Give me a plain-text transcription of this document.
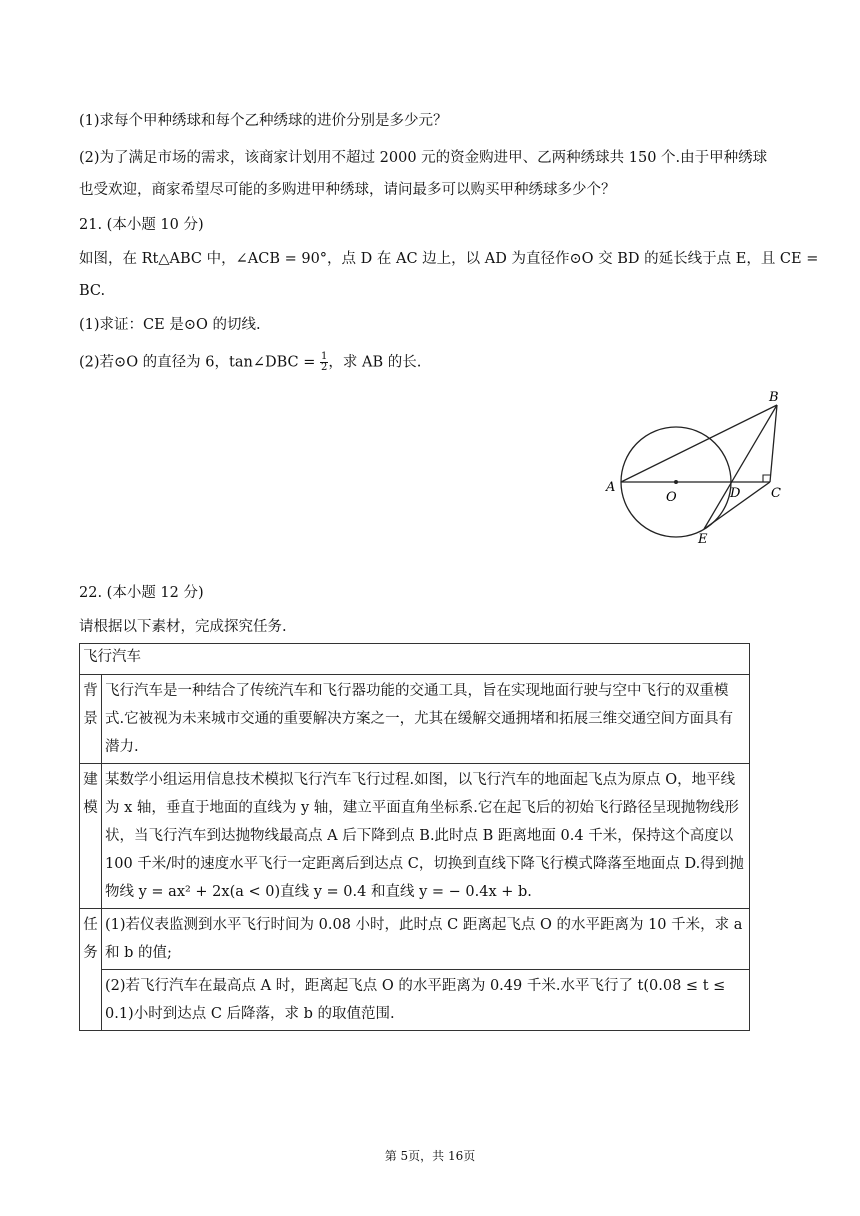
(1)求每个甲种绣球和每个乙种绣球的进价分别是多少元？
(2)为了满足市场的需求，该商家计划用不超过 2000 元的资金购进甲、乙两种绣球共 150 个.由于甲种绣球
也受欢迎，商家希望尽可能的多购进甲种绣球，请问最多可以购买甲种绣球多少个？
21. (本小题 10 分)
如图，在 Rt△ABC 中，∠ACB = 90°，点 D 在 AC 边上，以 AD 为直径作⊙O 交 BD 的延长线于点 E，且 CE =
BC.
(1)求证：CE 是⊙O 的切线.
(2)若⊙O 的直径为 6，tan∠DBC = $\frac{1}{2}$ ，求 AB 的长.
A
O	D C
B
E
22. (本小题 12 分)
请根据以下素材，完成探究任务.
飞行汽车	
背
景	飞行汽车是一种结合了传统汽车和飞行器功能的交通工具，旨在实现地面行驶与空中飞行的双重模式.它被视为未来城市交通的重要解决方案之一，尤其在缓解交通拥堵和拓展三维交通空间方面具有潜力.
建
模	某数学小组运用信息技术模拟飞行汽车飞行过程.如图，以飞行汽车的地面起飞点为原点 O，地平线为 x 轴，垂直于地面的直线为 y 轴，建立平面直角坐标系.它在起飞后的初始飞行路径呈现抛物线形状，当飞行汽车到达抛物线最高点 A 后下降到点 B.此时点 B 距离地面 0.4 千米，保持这个高度以 100 千米/时的速度水平飞行一定距离后到达点 C，切换到直线下降飞行模式降落至地面点 D.得到抛物线 y = ax² + 2x(a < 0)直线 y = 0.4 和直线 y = − 0.4x + b.
任
务	(1)若仪表监测到水平飞行时间为 0.08 小时，此时点 C 距离起飞点 O 的水平距离为 10 千米，求 a 和 b 的值;
	(2)若飞行汽车在最高点 A 时，距离起飞点 O 的水平距离为 0.49 千米.水平飞行了 t(0.08 ≤ t ≤ 0.1)小时到达点 C 后降落，求 b 的取值范围.
第 5页，共 16页
